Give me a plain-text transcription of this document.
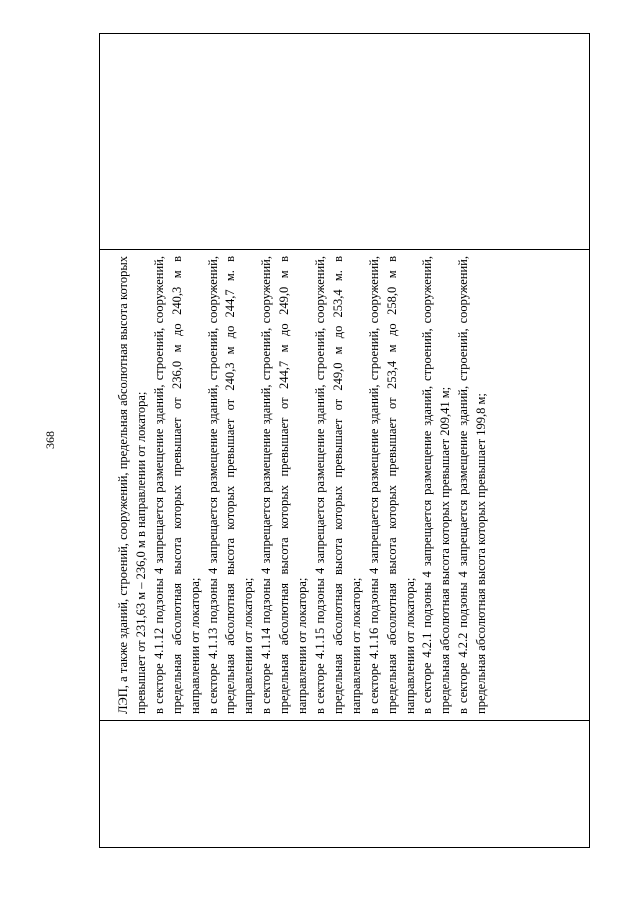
368	ЛЭП, а также зданий, строений, сооружений, предельная абсолютная высота которых превышает от 231,63 м – 236,0 м в направлении от локатора; в секторе 4.1.12 подзоны 4 запрещается размещение зданий, строений, сооружений, предельная абсолютная высота которых превышает от 236,0 м до 240,3 м в направлении от локатора; в секторе 4.1.13 подзоны 4 запрещается размещение зданий, строений, сооружений, предельная абсолютная высота которых превышает от 240,3 м до 244,7 м. в направлении от локатора; в секторе 4.1.14 подзоны 4 запрещается размещение зданий, строений, сооружений, предельная абсолютная высота которых превышает от 244,7 м до 249,0 м в направлении от локатора; в секторе 4.1.15 подзоны 4 запрещается размещение зданий, строений, сооружений, предельная абсолютная высота которых превышает от 249,0 м до 253,4 м. в направлении от локатора; в секторе 4.1.16 подзоны 4 запрещается размещение зданий, строений, сооружений, предельная абсолютная высота которых превышает от 253,4 м до 258,0 м в направлении от локатора; в секторе 4.2.1 подзоны 4 запрещается размещение зданий, строений, сооружений, предельная абсолютная высота которых превышает 209,41 м; в секторе 4.2.2 подзоны 4 запрещается размещение зданий, строений, сооружений, предельная абсолютная высота которых превышает 199,8 м;
